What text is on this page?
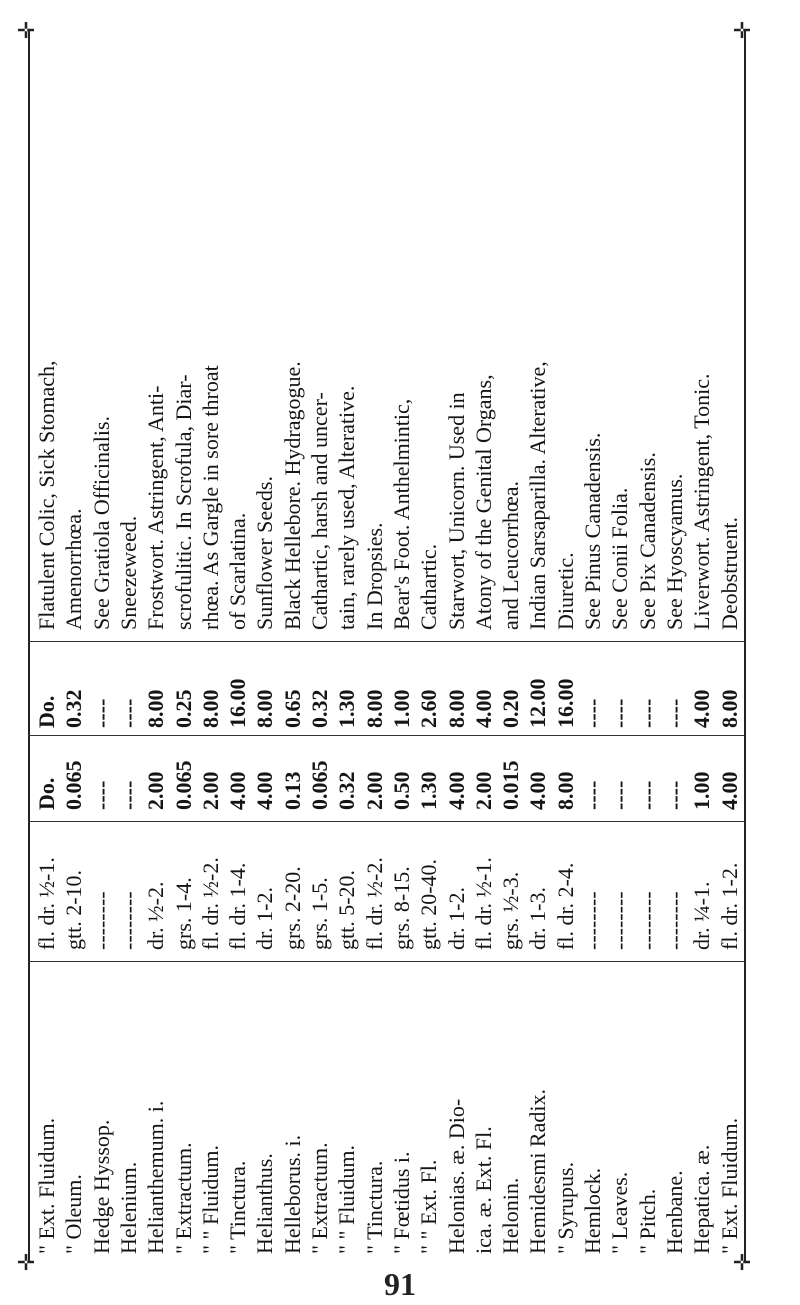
✛
✛
✛
✛
" Ext. Fluidum.
fl. dr. ½-1.
Do.
Do.
Flatulent Colic, Sick Stomach,
" Oleum.
gtt. 2-10.
0.065
0.32
Amenorrhœa.
Hedge Hyssop.
--------
----
----
See Gratiola Officinalis.
Helenium.
--------
----
----
Sneezeweed.
Helianthemum. i.
dr. ½-2.
2.00
8.00
Frostwort. Astringent, Anti-
" Extractum.
grs. 1-4.
0.065
0.25
scrofulitic. In Scrofula, Diar-
" " Fluidum.
fl. dr. ½-2.
2.00
8.00
rhœa. As Gargle in sore throat
" Tinctura.
fl. dr. 1-4.
4.00
16.00
of Scarlatina.
Helianthus.
dr. 1-2.
4.00
8.00
Sunflower Seeds.
Helleborus. i.
grs. 2-20.
0.13
0.65
Black Hellebore. Hydragogue.
" Extractum.
grs. 1-5.
0.065
0.32
Cathartic, harsh and uncer-
" " Fluidum.
gtt. 5-20.
0.32
1.30
tain, rarely used, Alterative.
" Tinctura.
fl. dr. ½-2.
2.00
8.00
In Dropsies.
" Fœtidus i.
grs. 8-15.
0.50
1.00
Bear's Foot. Anthelmintic,
" " Ext. Fl.
gtt. 20-40.
1.30
2.60
Cathartic.
Helonias. æ. Dio-
dr. 1-2.
4.00
8.00
Starwort, Unicorn. Used in
ica. æ. Ext. Fl.
fl. dr. ½-1.
2.00
4.00
Atony of the Genital Organs,
Helonin.
grs. ½-3.
0.015
0.20
and Leucorrhœa.
Hemidesmi Radix.
dr. 1-3.
4.00
12.00
Indian Sarsaparilla. Alterative,
" Syrupus.
fl. dr. 2-4.
8.00
16.00
Diuretic.
Hemlock.
--------
----
----
See Pinus Canadensis.
" Leaves.
--------
----
----
See Conii Folia.
" Pitch.
--------
----
----
See Pix Canadensis.
Henbane.
--------
----
----
See Hyoscyamus.
Hepatica. æ.
dr. ¼-1.
1.00
4.00
Liverwort. Astringent, Tonic.
" Ext. Fluidum.
fl. dr. 1-2.
4.00
8.00
Deobstruent.
91
